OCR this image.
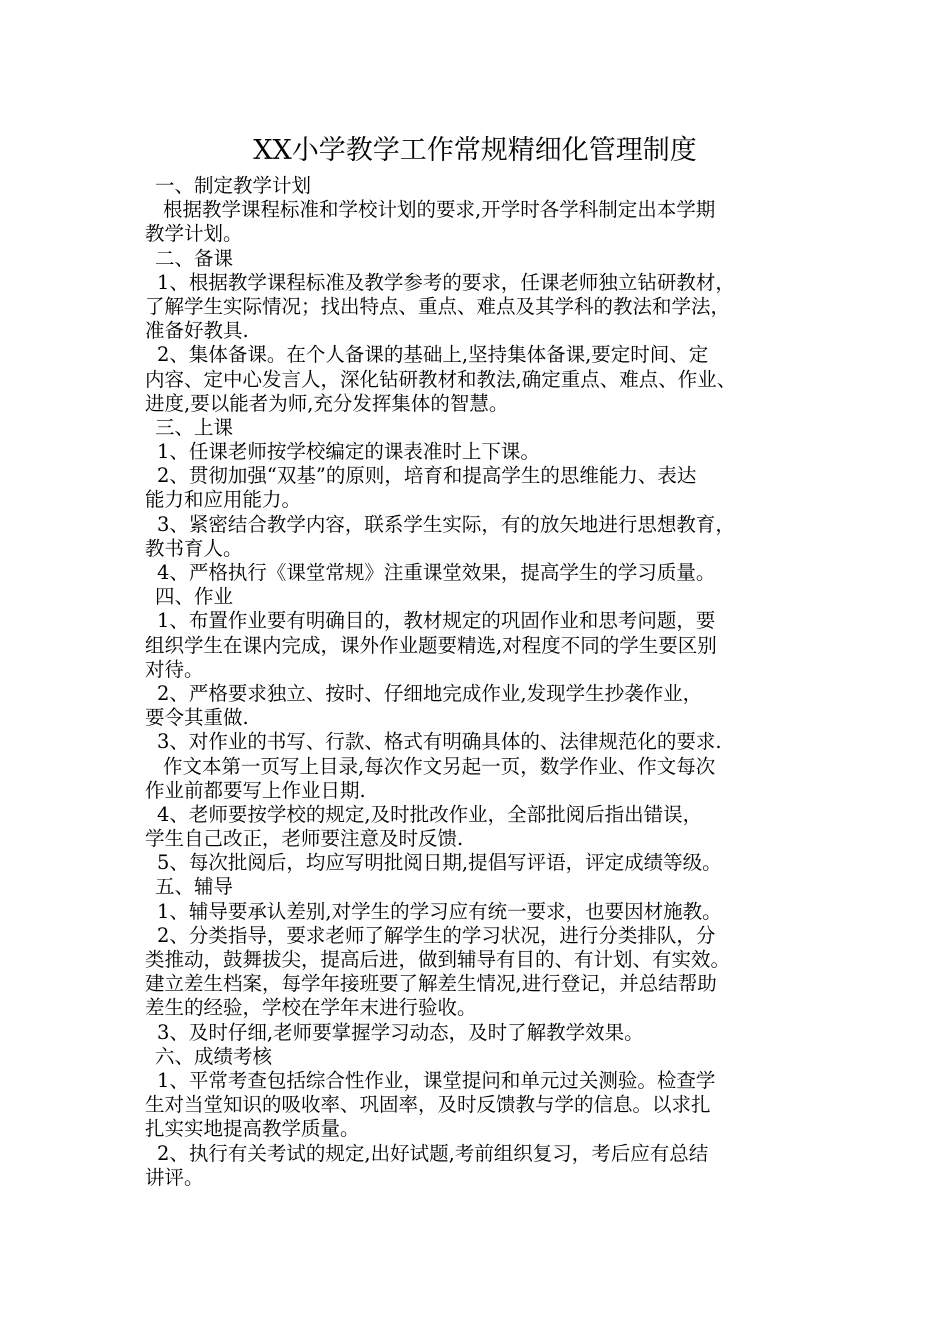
XX小学教学工作常规精细化管理制度
一、制定教学计划
根据教学课程标准和学校计划的要求,开学时各学科制定出本学期
教学计划。
二、备课
1、根据教学课程标准及教学参考的要求，任课老师独立钻研教材，
了解学生实际情况；找出特点、重点、难点及其学科的教法和学法，
准备好教具.
2、集体备课。在个人备课的基础上,坚持集体备课,要定时间、定
内容、定中心发言人，深化钻研教材和教法,确定重点、难点、作业、
进度,要以能者为师,充分发挥集体的智慧。
三、上课
1、任课老师按学校编定的课表准时上下课。
2、贯彻加强“双基”的原则，培育和提高学生的思维能力、表达
能力和应用能力。
3、紧密结合教学内容，联系学生实际，有的放矢地进行思想教育，
教书育人。
4、严格执行《课堂常规》注重课堂效果，提高学生的学习质量。
四、作业
1、布置作业要有明确目的，教材规定的巩固作业和思考问题，要
组织学生在课内完成，课外作业题要精选,对程度不同的学生要区别
对待。
2、严格要求独立、按时、仔细地完成作业,发现学生抄袭作业，
要令其重做.
3、对作业的书写、行款、格式有明确具体的、法律规范化的要求.
作文本第一页写上目录,每次作文另起一页，数学作业、作文每次
作业前都要写上作业日期.
4、老师要按学校的规定,及时批改作业，全部批阅后指出错误，
学生自己改正，老师要注意及时反馈.
5、每次批阅后，均应写明批阅日期,提倡写评语，评定成绩等级。
五、辅导
1、辅导要承认差别,对学生的学习应有统一要求，也要因材施教。
2、分类指导，要求老师了解学生的学习状况，进行分类排队，分
类推动，鼓舞拔尖，提高后进，做到辅导有目的、有计划、有实效。
建立差生档案，每学年接班要了解差生情况,进行登记，并总结帮助
差生的经验，学校在学年末进行验收。
3、及时仔细,老师要掌握学习动态，及时了解教学效果。
六、成绩考核
1、平常考查包括综合性作业，课堂提问和单元过关测验。检查学
生对当堂知识的吸收率、巩固率，及时反馈教与学的信息。以求扎
扎实实地提高教学质量。
2、执行有关考试的规定,出好试题,考前组织复习，考后应有总结
讲评。
